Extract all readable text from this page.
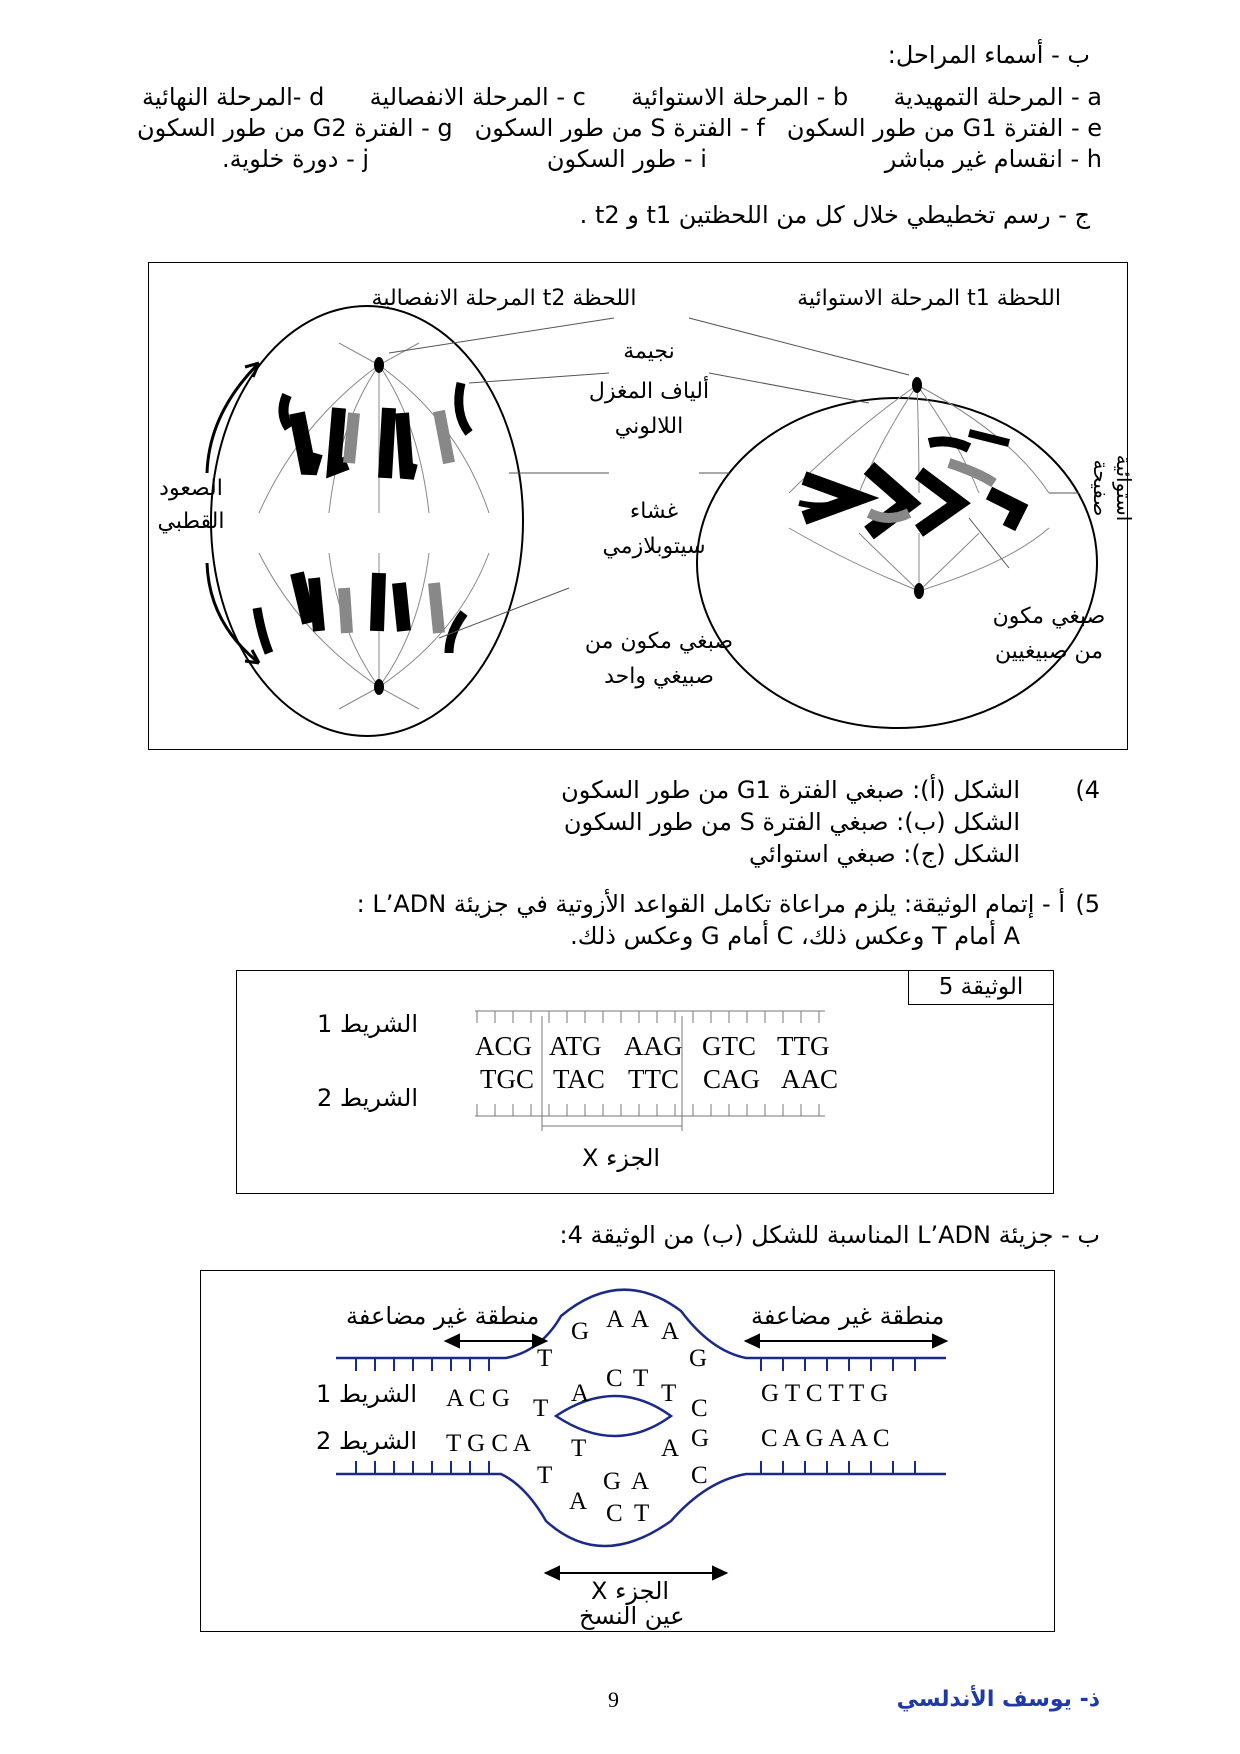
ب - أسماء المراحل:
a - المرحلة التمهيدية
b - المرحلة الاستوائية
c - المرحلة الانفصالية
d -المرحلة النهائية
e - الفترة G1 من طور السكون
f - الفترة S من طور السكون
g - الفترة G2 من طور السكون
h - انقسام غير مباشر
i - طور السكون
j - دورة خلوية.
ج - رسم تخطيطي خلال كل من اللحظتين t1 و t2 .
اللحظة t2 المرحلة الانفصالية	اللحظة t1 المرحلة الاستوائية
نجيمة
ألياف المغزل
اللالوني
غشاء
سيتوبلازمي
صبغي مكون من
صبيغي واحد
صبغي مكون
من صبيغيين
الصعود
القطبي
صفيحة استوائية
4)
الشكل (أ): صبغي الفترة G1 من طور السكون
الشكل (ب): صبغي الفترة S من طور السكون
الشكل (ج): صبغي استوائي
5)
أ - إتمام الوثيقة: يلزم مراعاة تكامل القواعد الأزوتية في جزيئة L’ADN :
A أمام T وعكس ذلك، C أمام G وعكس ذلك.
الوثيقة 5
الشريط 1
الشريط 2
ACG ATG AAG GTC TTG
TGC TAC TTC CAG AAC
الجزء X
ب - جزيئة L’ADN المناسبة للشكل (ب) من الوثيقة 4:
T
G A A A
G
A
C T
T
T	C
G
T	A
G A C
T
A C T
A C G
T G C A
G T C T T G
C A G A A C
منطقة غير مضاعفة	منطقة غير مضاعفة
الشريط 1
الشريط 2
الجزء X
عين النسخ
9	ذ- يوسف الأندلسي
